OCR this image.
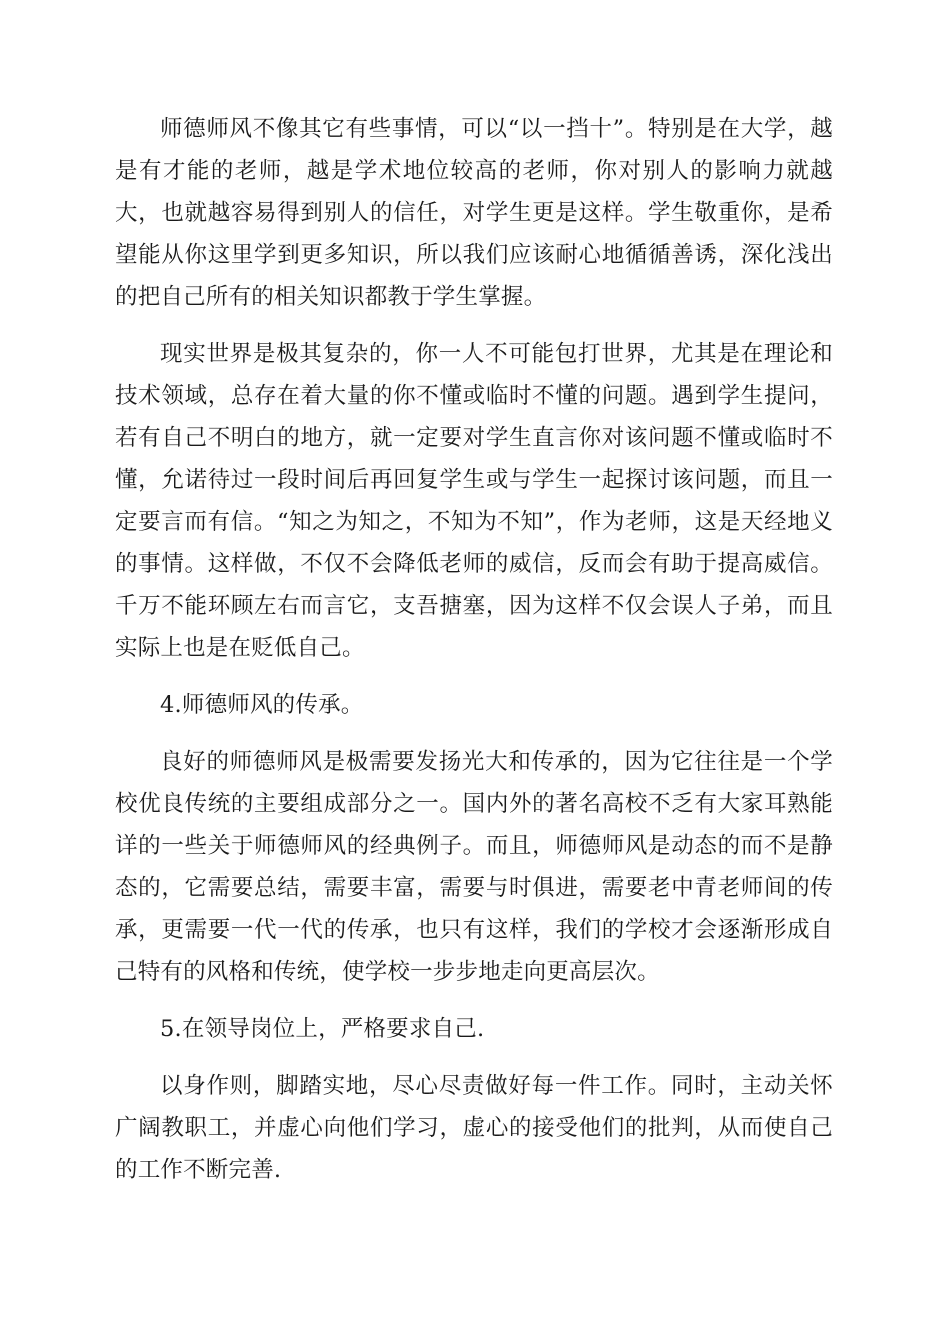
师德师风不像其它有些事情，可以“以一挡十”。特别是在大学，越是有才能的老师，越是学术地位较高的老师，你对别人的影响力就越大，也就越容易得到别人的信任，对学生更是这样。学生敬重你，是希望能从你这里学到更多知识，所以我们应该耐心地循循善诱，深化浅出的把自己所有的相关知识都教于学生掌握。

现实世界是极其复杂的，你一人不可能包打世界，尤其是在理论和技术领域，总存在着大量的你不懂或临时不懂的问题。遇到学生提问，若有自己不明白的地方，就一定要对学生直言你对该问题不懂或临时不懂，允诺待过一段时间后再回复学生或与学生一起探讨该问题，而且一定要言而有信。“知之为知之，不知为不知”，作为老师，这是天经地义的事情。这样做，不仅不会降低老师的威信，反而会有助于提高威信。千万不能环顾左右而言它，支吾搪塞，因为这样不仅会误人子弟，而且实际上也是在贬低自己。

4.师德师风的传承。

良好的师德师风是极需要发扬光大和传承的，因为它往往是一个学校优良传统的主要组成部分之一。国内外的著名高校不乏有大家耳熟能详的一些关于师德师风的经典例子。而且，师德师风是动态的而不是静态的，它需要总结，需要丰富，需要与时俱进，需要老中青老师间的传承，更需要一代一代的传承，也只有这样，我们的学校才会逐渐形成自己特有的风格和传统，使学校一步步地走向更高层次。

5.在领导岗位上，严格要求自己.

以身作则，脚踏实地，尽心尽责做好每一件工作。同时，主动关怀广阔教职工，并虚心向他们学习，虚心的接受他们的批判，从而使自己的工作不断完善.
